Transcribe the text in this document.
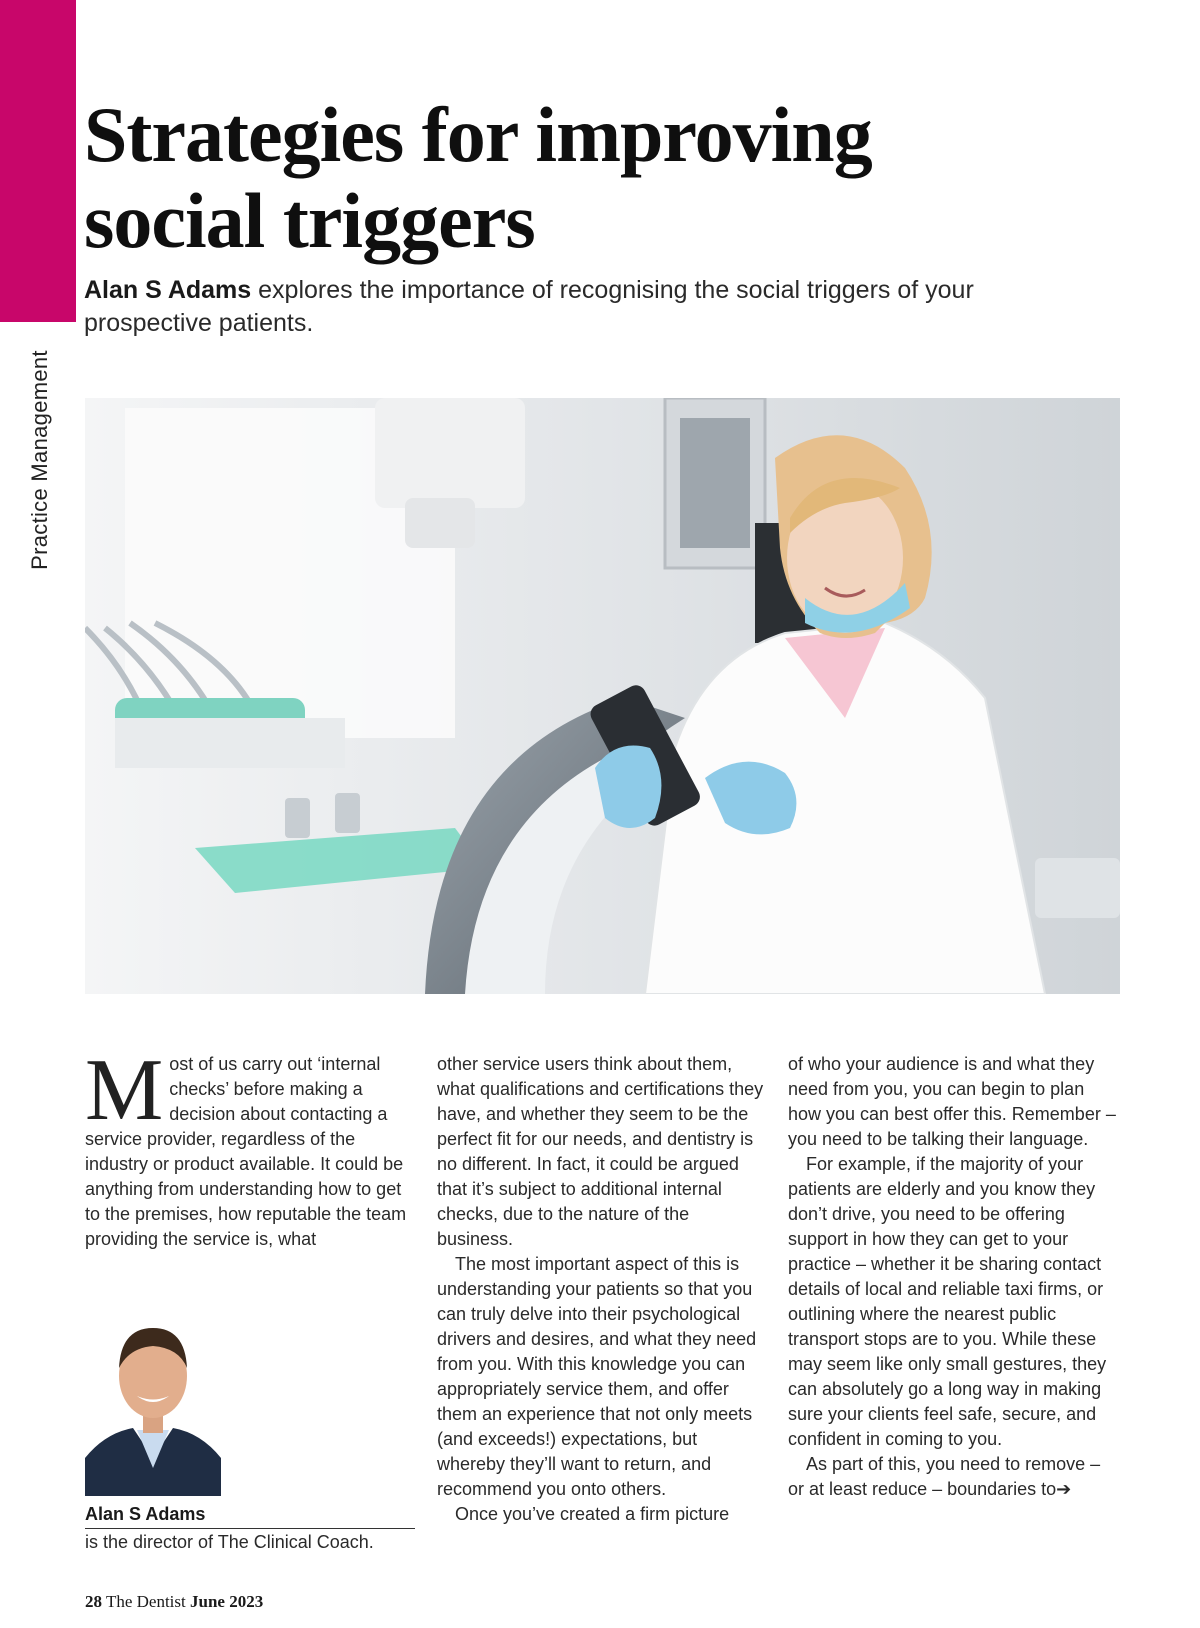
Practice Management
Strategies for improving
social triggers

Alan S Adams explores the importance of recognising the social triggers of your prospective patients.

Most of us carry out ‘internal checks’ before making a decision about contacting a service provider, regardless of the industry or product available. It could be anything from understanding how to get to the premises, how reputable the team providing the service is, what

other service users think about them, what qualifications and certifications they have, and whether they seem to be the perfect fit for our needs, and dentistry is no different. In fact, it could be argued that it’s subject to additional internal checks, due to the nature of the business.

The most important aspect of this is understanding your patients so that you can truly delve into their psychological drivers and desires, and what they need from you. With this knowledge you can appropriately service them, and offer them an experience that not only meets (and exceeds!) expectations, but whereby they’ll want to return, and recommend you onto others.

Once you’ve created a firm picture

of who your audience is and what they need from you, you can begin to plan how you can best offer this. Remember – you need to be talking their language.

For example, if the majority of your patients are elderly and you know they don’t drive, you need to be offering support in how they can get to your practice – whether it be sharing contact details of local and reliable taxi firms, or outlining where the nearest public transport stops are to you. While these may seem like only small gestures, they can absolutely go a long way in making sure your clients feel safe, secure, and confident in coming to you.

As part of this, you need to remove – or at least reduce – boundaries to➔

Alan S Adams
is the director of The Clinical Coach.
28 The Dentist June 2023
